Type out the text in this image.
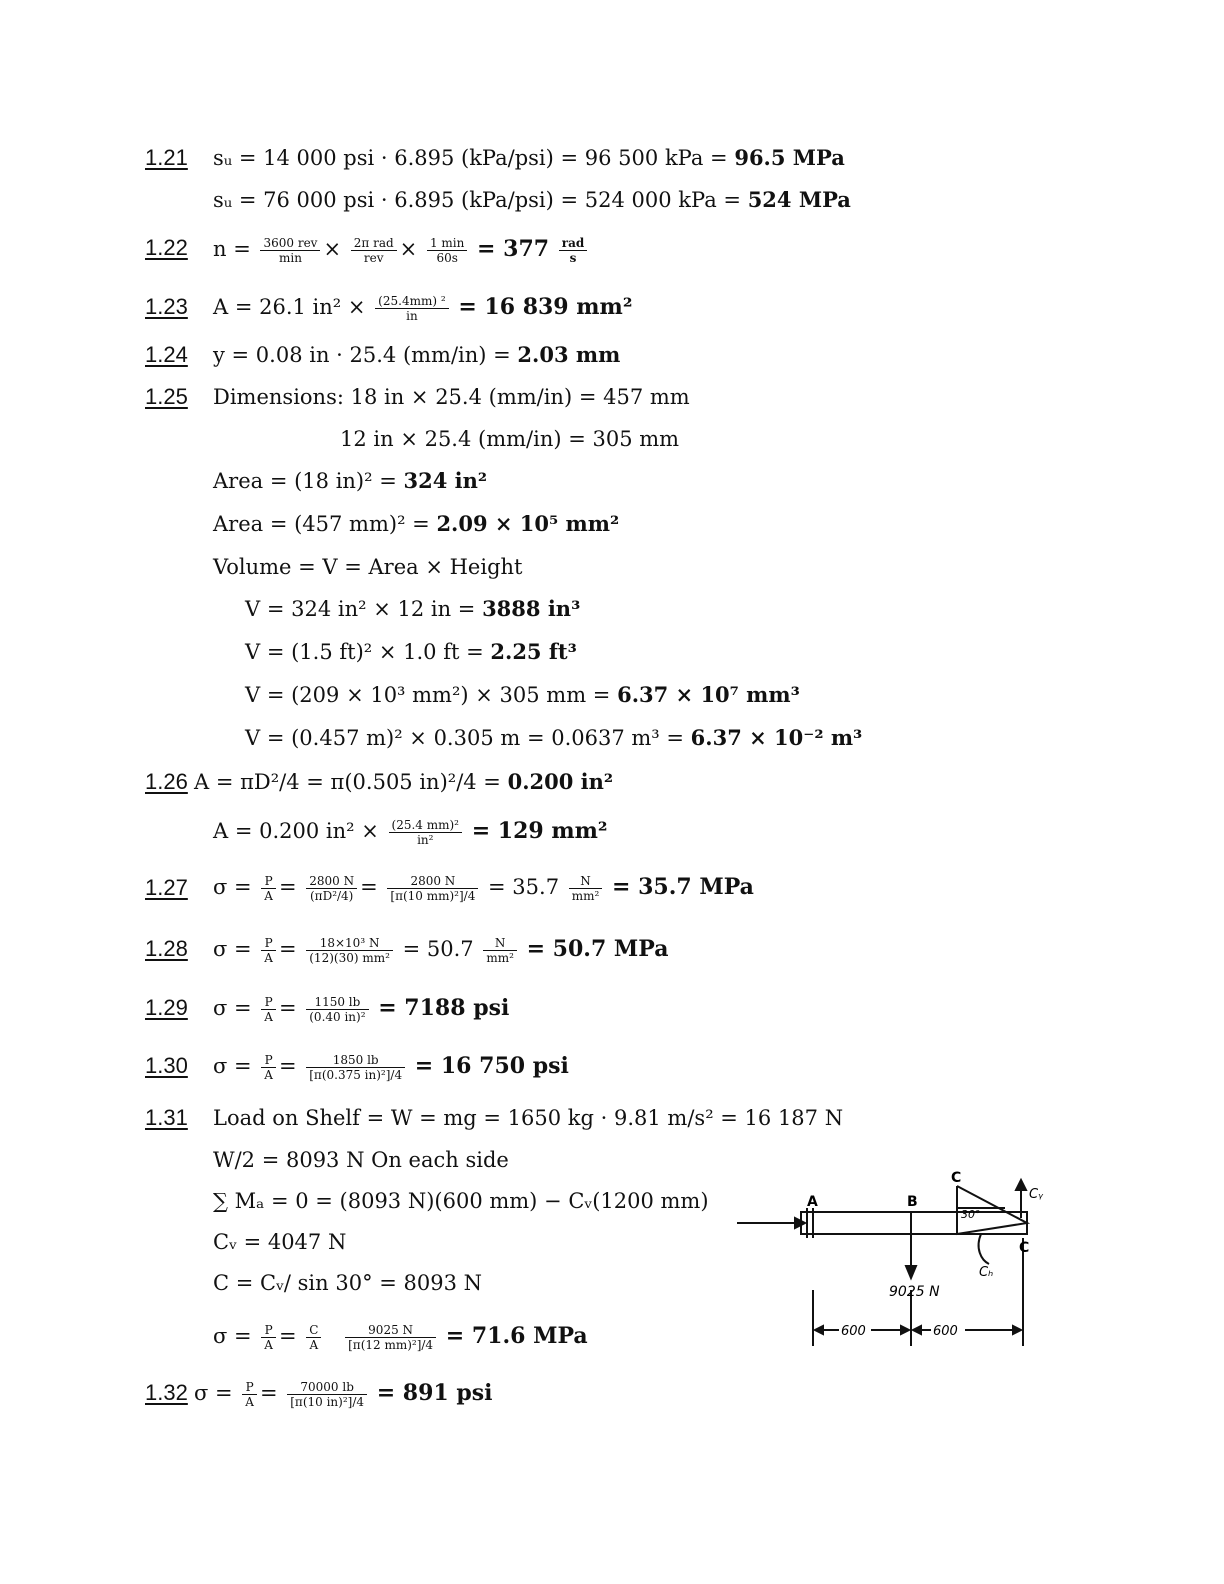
1.21 sᵤ = 14 000 psi · 6.895 (kPa/psi) = 96 500 kPa = 96.5 MPa
sᵤ = 76 000 psi · 6.895 (kPa/psi) = 524 000 kPa = 524 MPa
1.22 $n = \frac{\text{3600 rev}}{\min} \times \frac{\text{2π rad}}{\text{rev}} \times \frac{1 \min}{60s} = 377 \frac{\text{rad}}{s}$
1.23 A = 26.1 $in^2 \times \frac{\text{(25.4mm) ²}}{in} = 16$ 839 mm²
1.24 y = 0.08 in · 25.4 (mm/in) = 2.03 mm
1.25 Dimensions: 18 in × 25.4 (mm/in) = 457 mm
12 in × 25.4 (mm/in) = 305 mm
Area = (18 in)² = 324 in²
Area = (457 mm)² = 2.09 × 10⁵ mm²
Volume = V = Area × Height
V = 324 in² × 12 in = 3888 in³
V = (1.5 ft)² × 1.0 ft = 2.25 ft³
V = (209 × 10³ mm²) × 305 mm = 6.37 × 10⁷ mm³
V = (0.457 m)² × 0.305 m = 0.0637 m³ = 6.37 × 10⁻² m³
1.26 A = πD²/4 = π(0.505 in)²/4 = 0.200 in²
A = 0.200 $in^2 \times \frac{\text{(25.4 mm)²}}{\text{in²}} = 129$ mm²
1.27 $\sigma = \frac{P}{A} = \frac{2800 N}{\text{(πD²/4)}} = \frac{2800 N}{\text{[π(10 mm)²]/4}} = 35.7 \frac{N}{\text{mm²}} = 35.7$ MPa
1.28 $\sigma = \frac{P}{A} = \frac{\text{18×10³ N}}{\text{(12)(30) mm²}} = 50.7 \frac{N}{\text{mm²}} = 50.7$ MPa
1.29 $\sigma = \frac{P}{A} = \frac{1150 lb}{\text{(0.40 in)²}} = 7188$ psi
1.30 $\sigma = \frac{P}{A} = \frac{1850 lb}{\text{[π(0.375 in)²]/4}} = 16$ 750 psi
1.31 Load on Shelf = W = mg = 1650 kg · 9.81 m/s² = 16 187 N
W/2 = 8093 N On each side
∑ Mₐ = 0 = (8093 N)(600 mm) − Cᵥ(1200 mm)
Cᵥ = 4047 N
C = Cᵥ/ sin 30° = 8093 N
$\sigma = \frac{P}{A} = \frac{C}{A}$
$\frac{9025 N}{\text{[π(12 mm)²]/4}} = 71.6$ MPa
A	B
C
C
Cᵧ
Cₕ
30°
9025 N
600	600
1.32 $\sigma = \frac{P}{A} = \frac{70000 lb}{\text{[π(10 in)²]/4}} = 891$ psi
